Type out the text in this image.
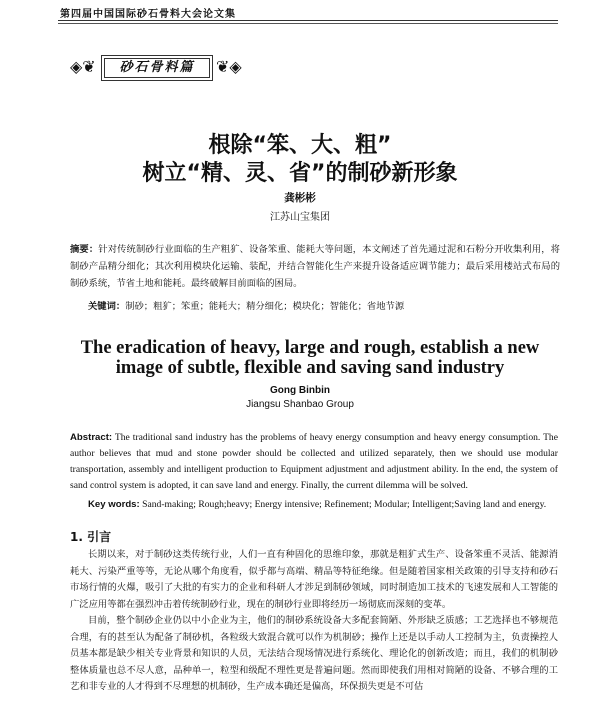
第四届中国国际砂石骨料大会论文集
◈❦	砂石骨料篇	❦◈
根除“笨、大、粗”
树立“精、灵、省”的制砂新形象
龚彬彬
江苏山宝集团
摘要：针对传统制砂行业面临的生产粗犷、设备笨重、能耗大等问题，本文阐述了首先通过泥和石粉分开收集利用，将制砂产品精分细化；其次利用模块化运输、装配，并结合智能化生产来提升设备适应调节能力；最后采用楼站式布局的制砂系统，节省土地和能耗。最终破解目前面临的困局。
关键词：制砂；粗犷；笨重；能耗大；精分细化；模块化；智能化；省地节源
The eradication of heavy, large and rough, establish a new image of subtle, flexible and saving sand industry
Gong Binbin
Jiangsu Shanbao Group
Abstract: The traditional sand industry has the problems of heavy energy consumption and heavy energy consumption. The author believes that mud and stone powder should be collected and utilized separately, then we should use modular transportation, assembly and intelligent production to Equipment adjustment and adjustment ability. In the end, the system of sand control system is adopted, it can save land and energy. Finally, the current dilemma will be solved.
Key words: Sand-making; Rough;heavy; Energy intensive; Refinement; Modular; Intelligent;Saving land and energy.
1. 引言

长期以来，对于制砂这类传统行业，人们一直有种固化的思维印象，那就是粗犷式生产、设备笨重不灵活、能源消耗大、污染严重等等，无论从哪个角度看，似乎都与高端、精品等特征绝缘。但是随着国家相关政策的引导支持和砂石市场行情的火爆，吸引了大批的有实力的企业和科研人才涉足到制砂领域，同时制造加工技术的飞速发展和人工智能的广泛应用等都在强烈冲击着传统制砂行业，现在的制砂行业即将经历一场彻底而深刻的变革。

目前，整个制砂企业仍以中小企业为主，他们的制砂系统设备大多配套简陋、外形缺乏质感；工艺选择也不够规范合理，有的甚至认为配备了制砂机，各粒级大致混合就可以作为机制砂；操作上还是以手动人工控制为主，负责操控人员基本都是缺少相关专业背景和知识的人员，无法结合现场情况进行系统化、理论化的创新改造；而且，我们的机制砂整体质量也总不尽人意，品种单一，粒型和级配不理性更是普遍问题。然而即使我们用相对简陋的设备、不够合理的工艺和非专业的人才得到不尽理想的机制砂，生产成本确还是偏高，环保损失更是不可估
